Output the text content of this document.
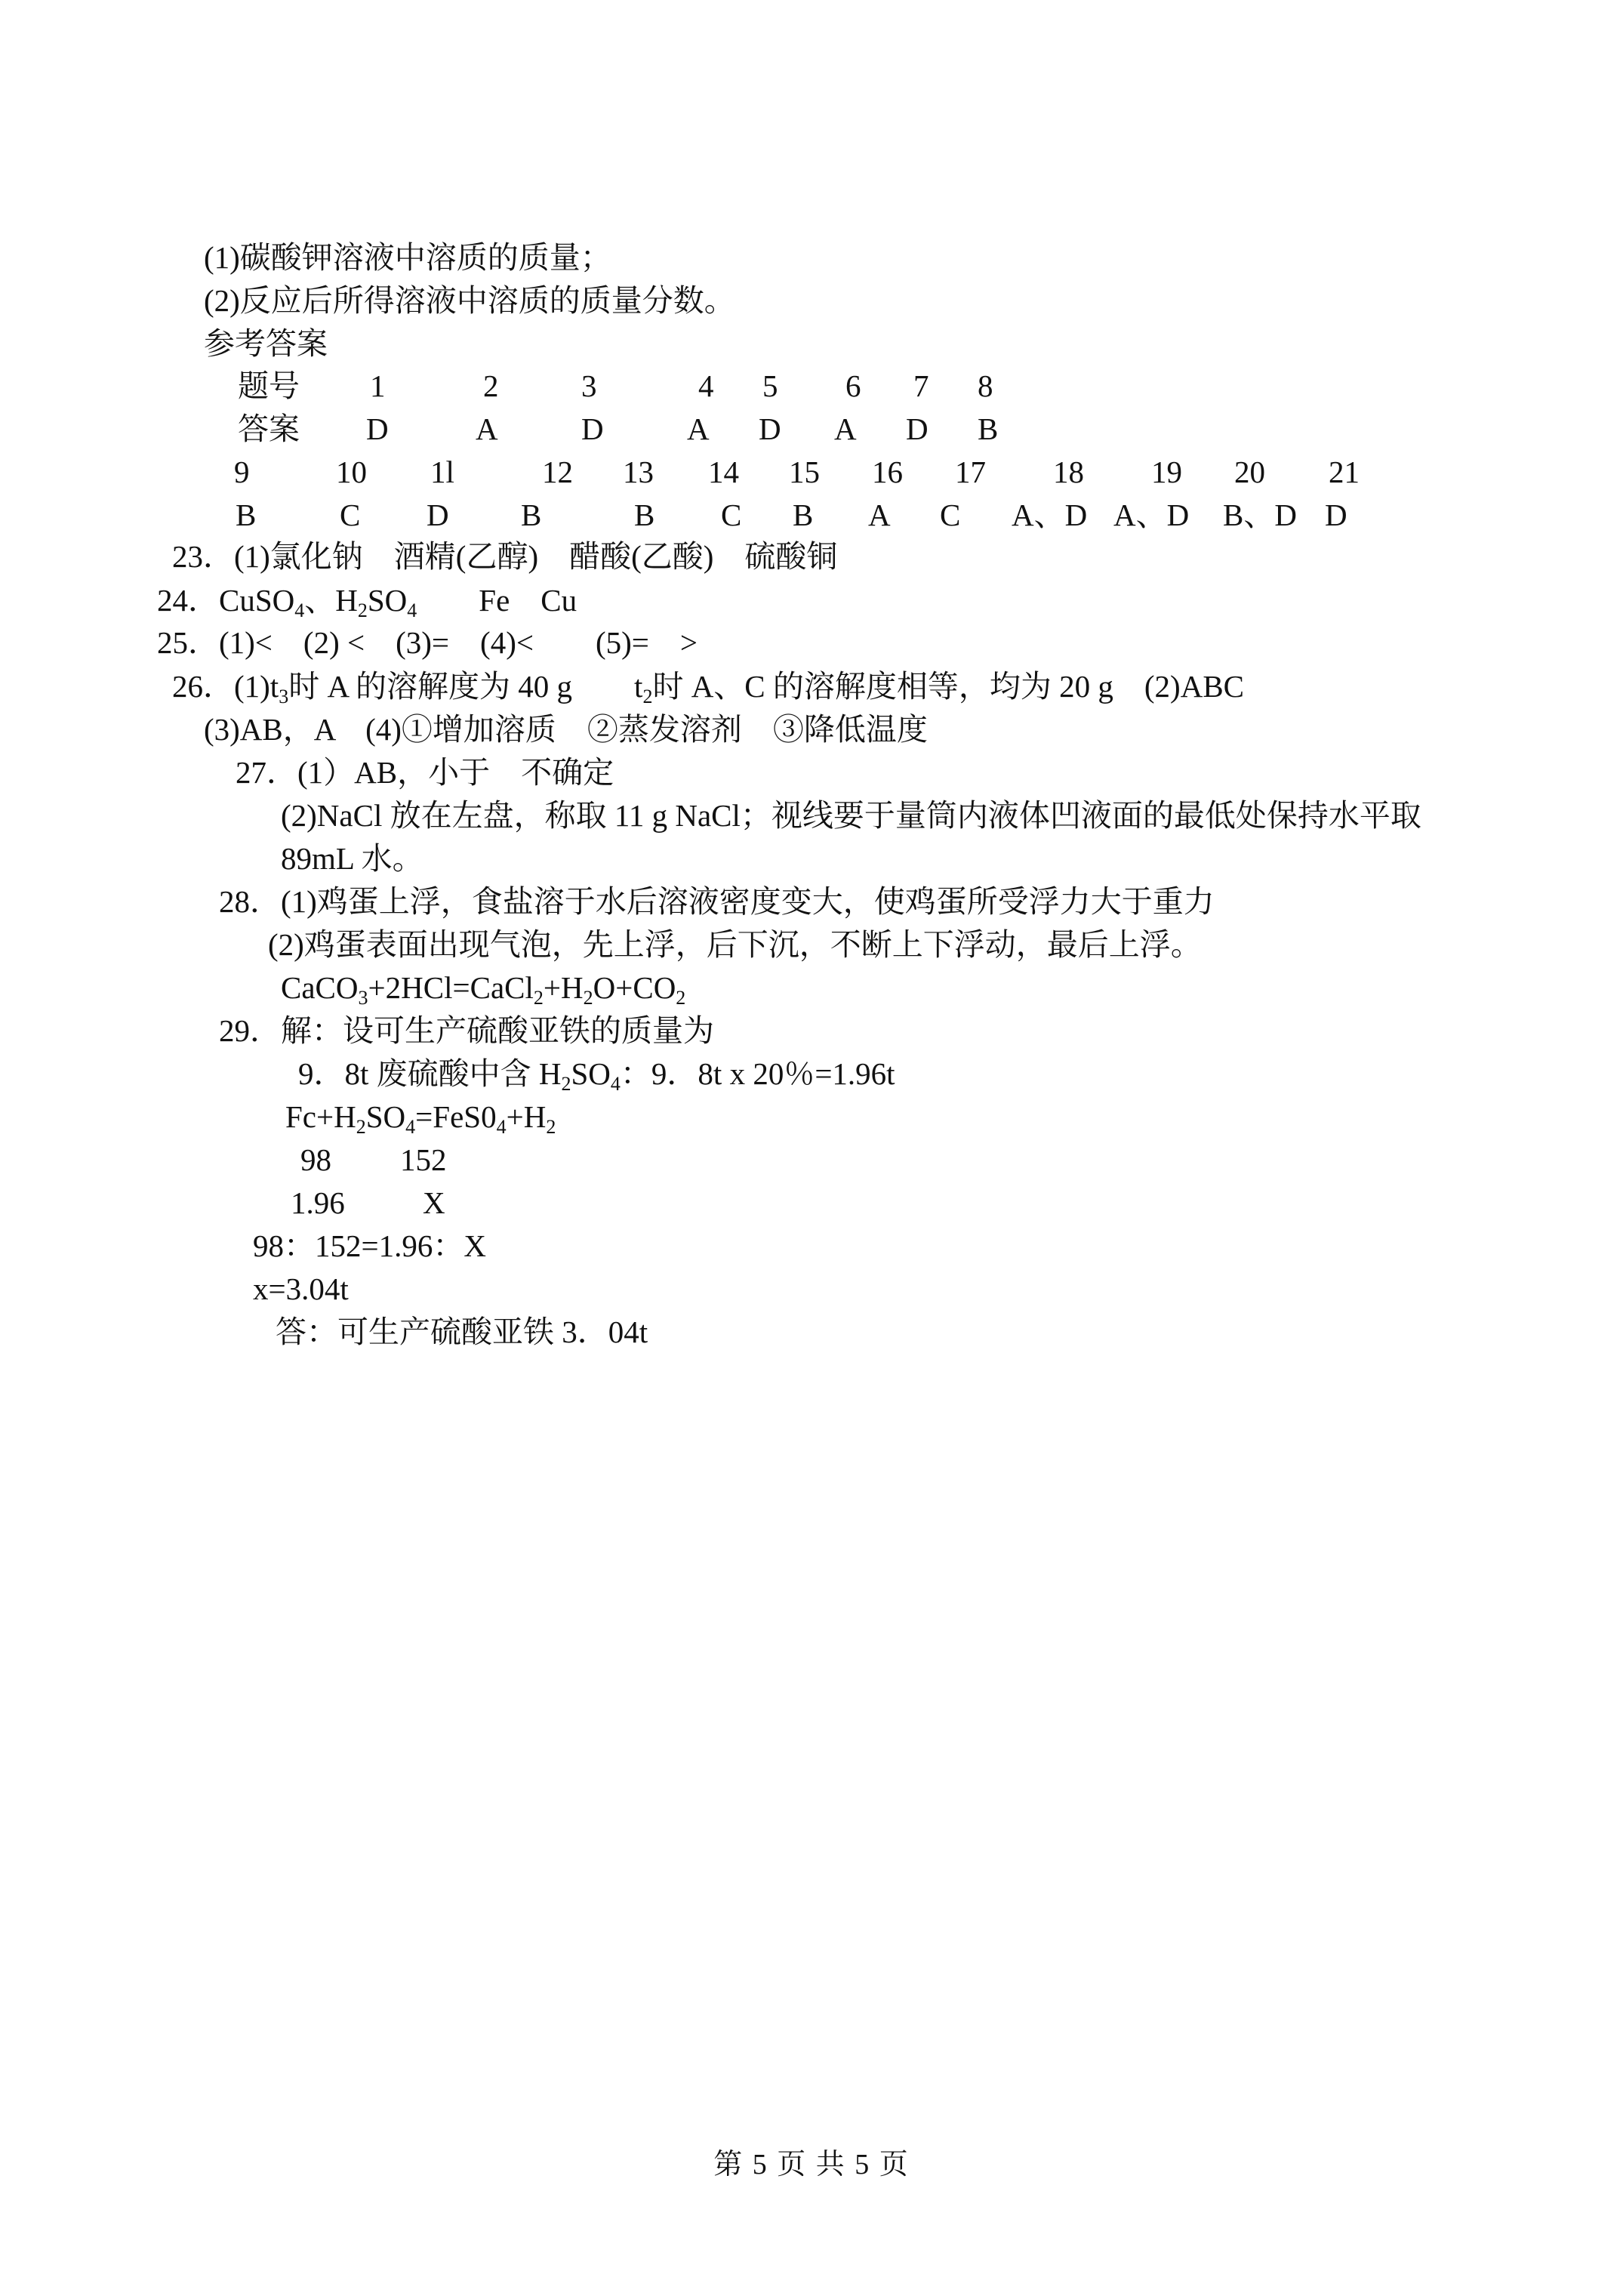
(1)碳酸钾溶液中溶质的质量；
(2)反应后所得溶液中溶质的质量分数。
参考答案
题号 1	2	3	4 5 6 7 8
答案 D	A	D	A D A D B
9	10 1l	12 13 14 15 16 17 18 19 20 21
B	C D B	B C B A C A、D A、D B、D D
23．(1)氯化钠　酒精(乙醇)　醋酸(乙酸)　硫酸铜
24．CuSO$_4$、$H_2SO_4$　　Fe　Cu
25．(1)<　(2) <　(3)=　(4)<　　(5)=　>
26．$(1)t_3$时 A 的溶解度为 40 g　　$t_2$时 A、C 的溶解度相等，均为 20 g　(2)ABC
(3)AB，A　(4)①增加溶质　②蒸发溶剂　③降低温度
27．(1）AB，小于　不确定
(2)NaCl 放在左盘，称取 11 g NaCl；视线要于量筒内液体凹液面的最低处保持水平取
89mL 水。
28．(1)鸡蛋上浮，食盐溶于水后溶液密度变大，使鸡蛋所受浮力大于重力
(2)鸡蛋表面出现气泡，先上浮，后下沉，不断上下浮动，最后上浮。
$CaCO_3+2HCl=CaCl_2+H_2O+CO_2$
29．解：设可生产硫酸亚铁的质量为
9．8t 废硫酸中含 $H_2SO_4$：9．8t x 20％=1.96t
$Fc+H_2SO_4=FeS0_4+H_2$
98 152
1.96	X
98：152=1.96：X
x=3.04t
答：可生产硫酸亚铁 3．04t
第 5 页 共 5 页
